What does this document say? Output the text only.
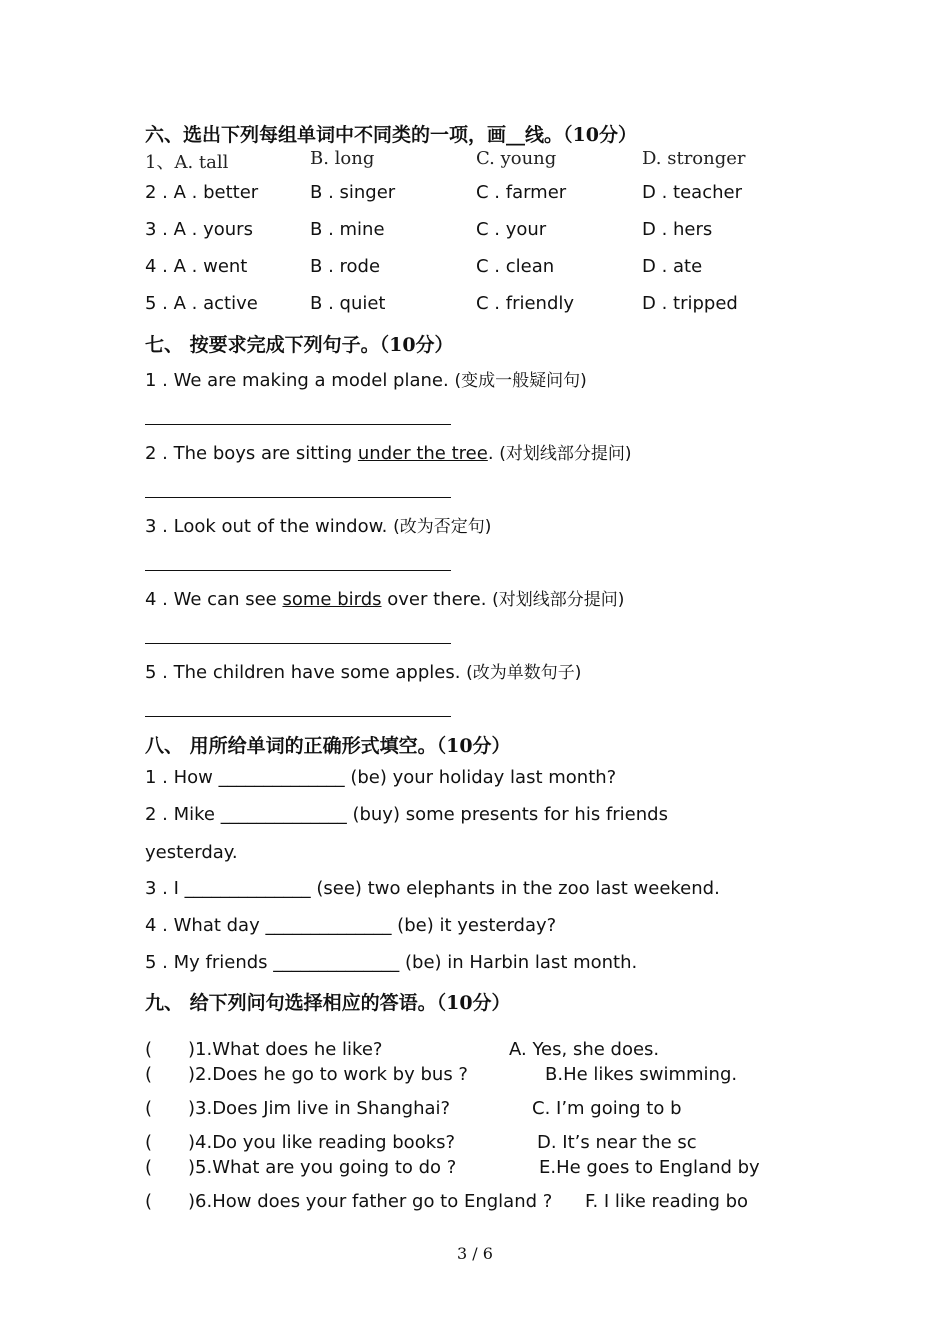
六、选出下列每组单词中不同类的一项，画__线。（10分）
1、A. tall	B. long	C. young	D. stronger
2 . A . better	B . singer	C . farmer	D . teacher
3 . A . yours	B . mine	C . your	D . hers
4 . A . went	B . rode	C . clean	D . ate
5 . A . active	B . quiet	C . friendly	D . tripped
七、 按要求完成下列句子。（10分）
1 . We are making a model plane. (变成一般疑问句)
2 . The boys are sitting under the tree. (对划线部分提问)
3 . Look out of the window. (改为否定句)
4 . We can see some birds over there. (对划线部分提问)
5 . The children have some apples. (改为单数句子)
八、 用所给单词的正确形式填空。（10分）
1 . How ______________ (be) your holiday last month?
2 . Mike ______________ (buy) some presents for his friends
yesterday.
3 . I ______________ (see) two elephants in the zoo last weekend.
4 . What day ______________ (be) it yesterday?
5 . My friends ______________ (be) in Harbin last month.
九、 给下列问句选择相应的答语。（10分）
( )1.What does he like?	A. Yes, she does.
( )2.Does he go to work by bus ?	B.He likes swimming.
( )3.Does Jim live in Shanghai?	C. I’m going to b
( )4.Do you like reading books?	D. It’s near the sc
( )5.What are you going to do ?	E.He goes to England by
( )6.How does your father go to England ? F. I like reading bo
3 / 6
